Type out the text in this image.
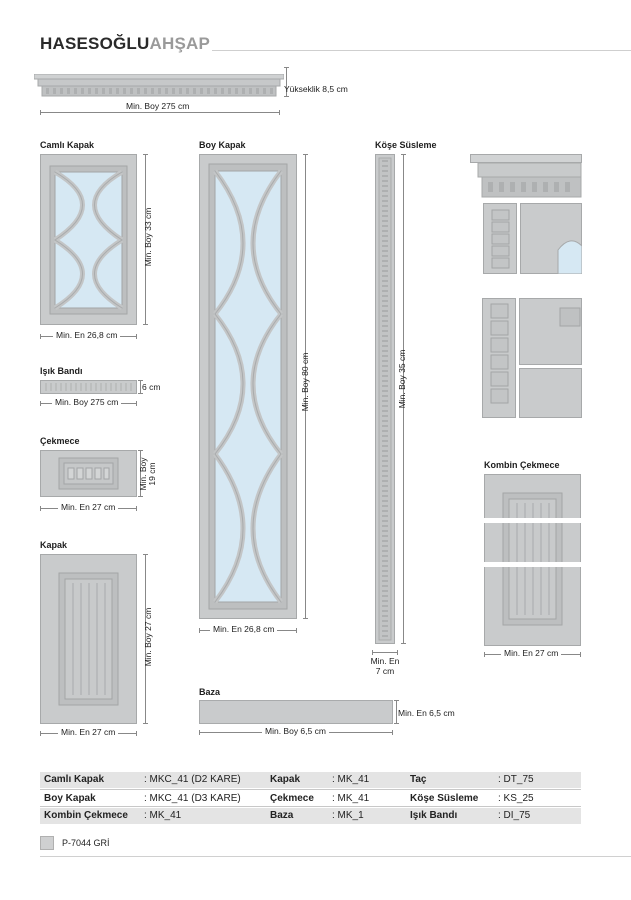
HASESOĞLUAHŞAP
Yükseklik 8,5 cm
Min. Boy 275 cm
Camlı Kapak
Min. Boy 33 cm
Min. En 26,8 cm
Işık Bandı
6 cm
Min. Boy 275 cm
Çekmece
Min. Boy
19 cm
Min. En 27 cm
Kapak
Min. Boy 27 cm
Min. En 27 cm
Boy Kapak
Min. Boy 80 cm
Min. En 26,8 cm
Köşe Süsleme
Min. Boy 35 cm
Min. En
7 cm
Kombin Çekmece
Min. En 27 cm
Baza
Min. En 6,5 cm
Min. Boy 6,5 cm
Camlı Kapak	: MKC_41 (D2 KARE)	Kapak	: MK_41	Taç	: DT_75
Boy Kapak	: MKC_41 (D3 KARE)	Çekmece : MK_41	Köşe Süsleme : KS_25
Kombin Çekmece : MK_41	Baza	: MK_1	Işık Bandı	: DI_75
P-7044 GRİ
